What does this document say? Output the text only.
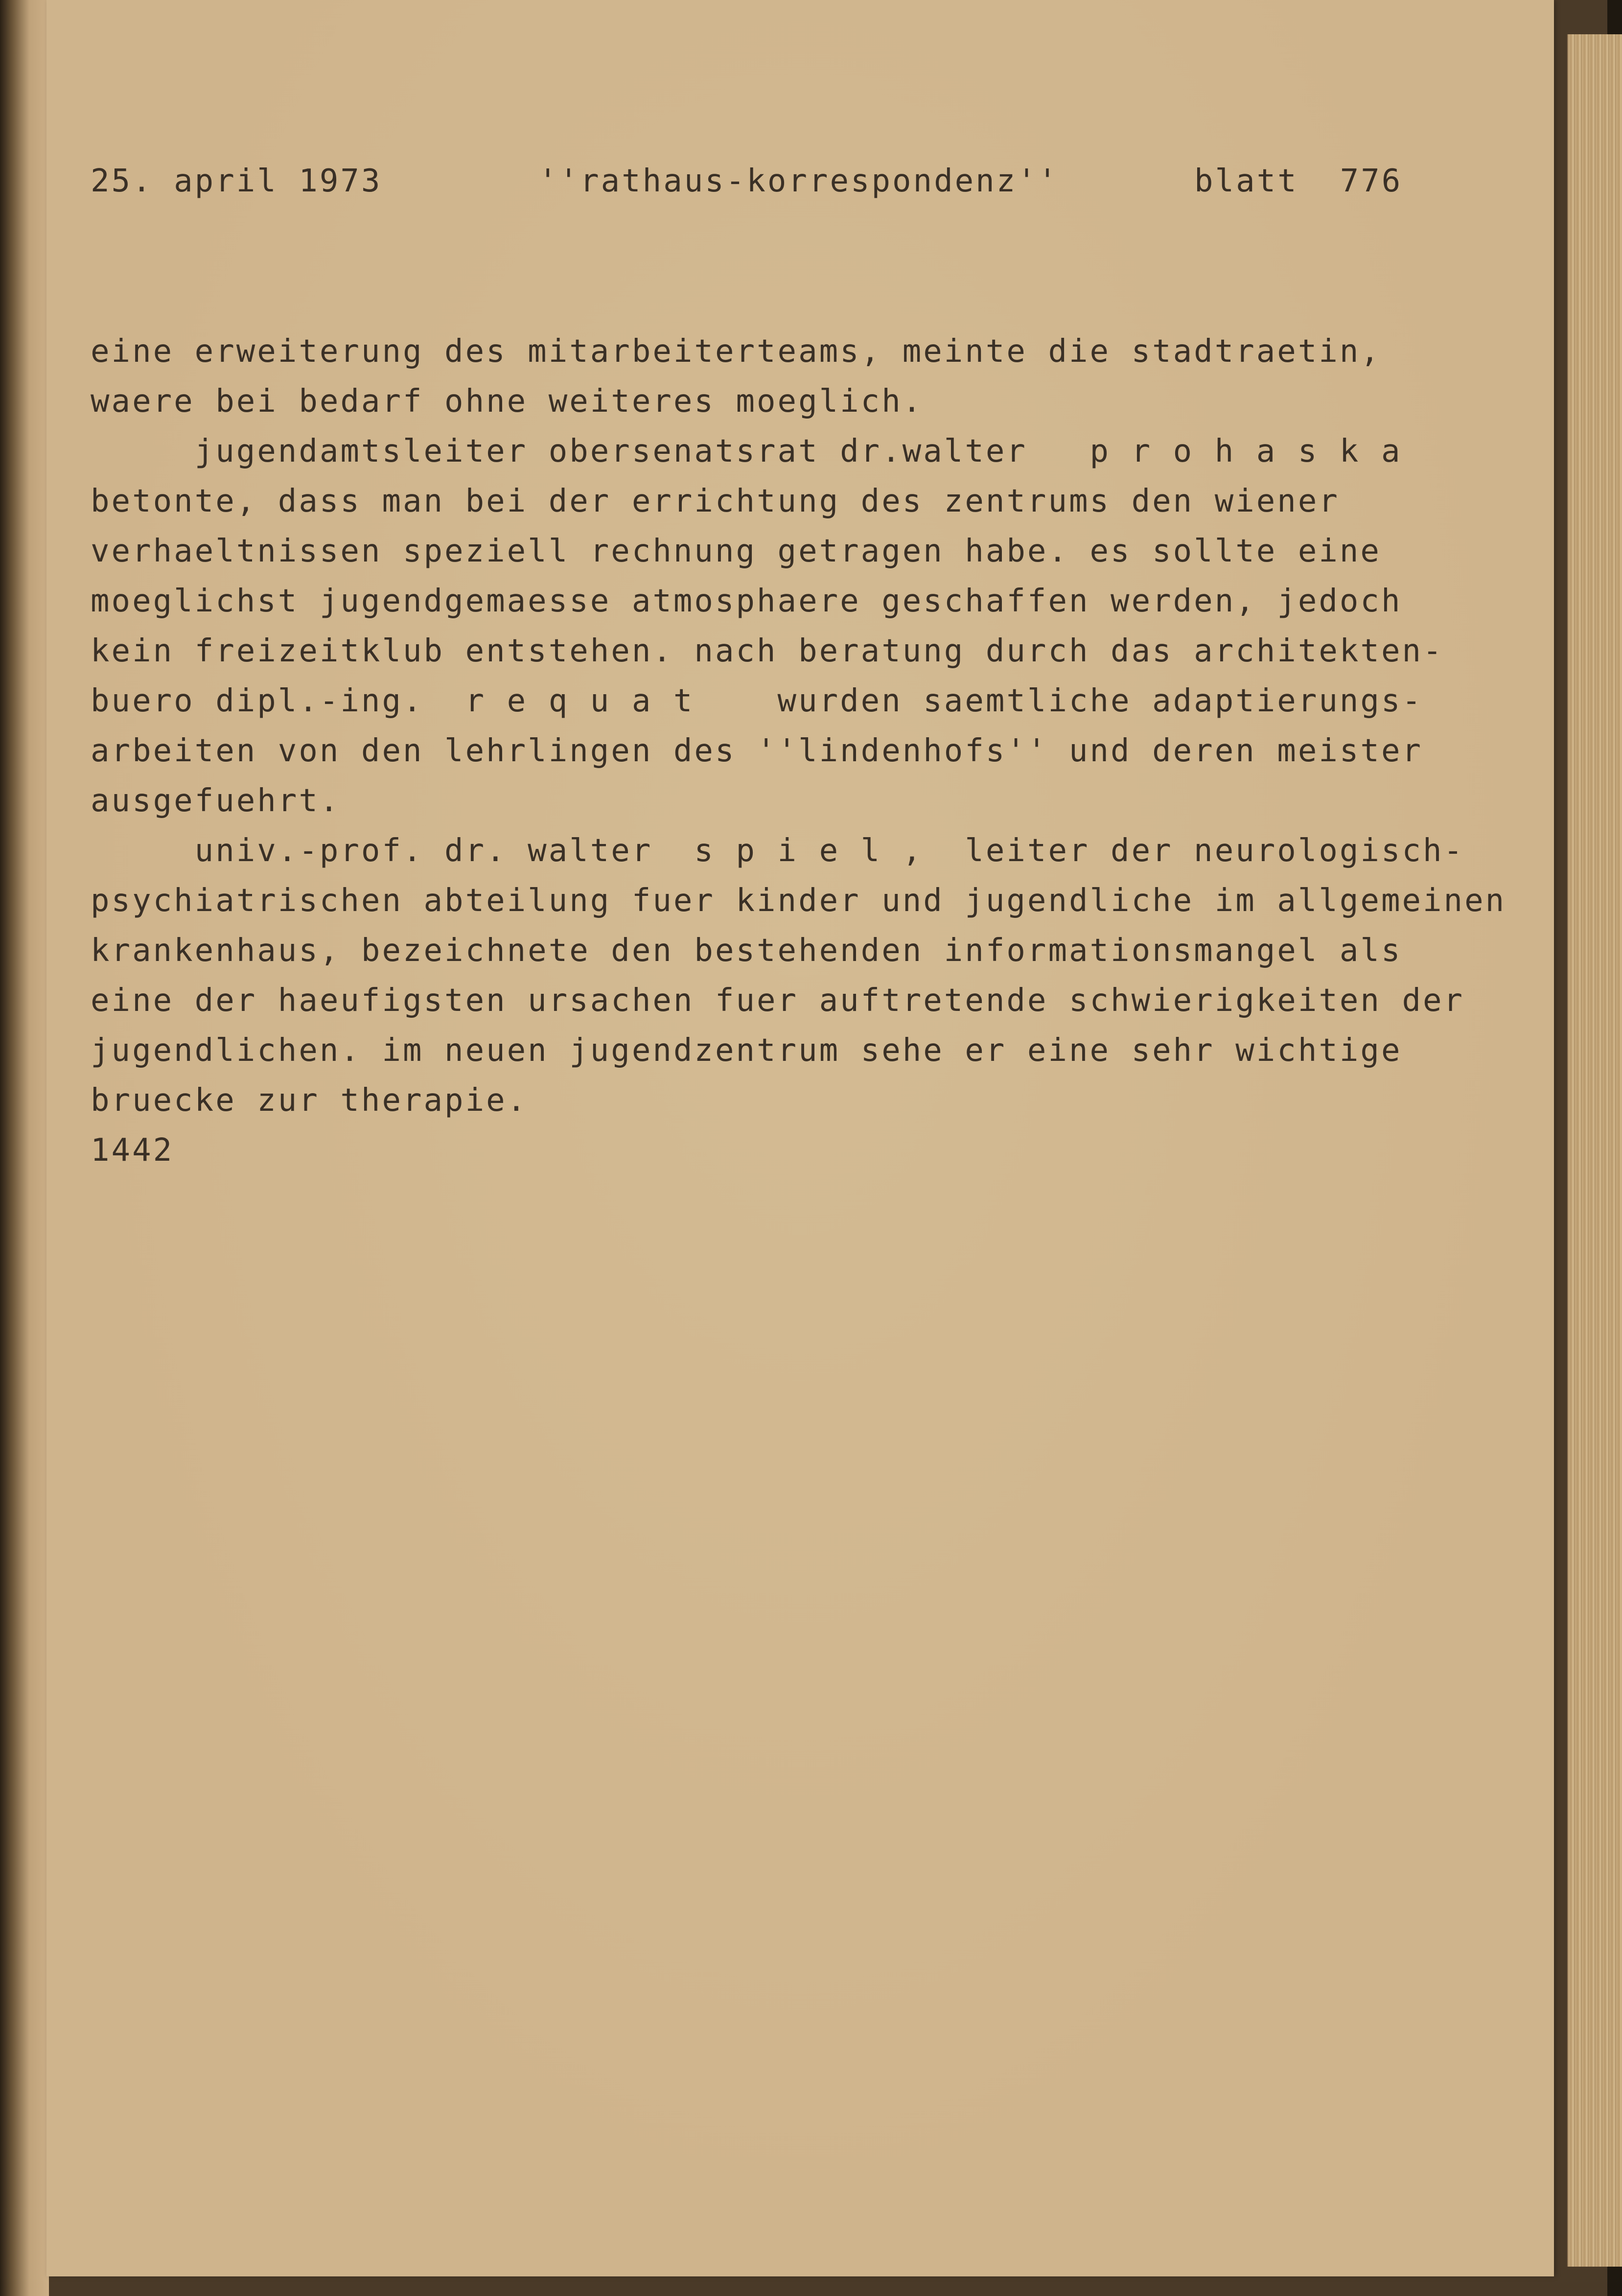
25. april 1973	''rathaus-korrespondenz''	blatt  776

eine erweiterung des mitarbeiterteams, meinte die stadtraetin,

waere bei bedarf ohne weiteres moeglich.

jugendamtsleiter obersenatsrat dr.walter   p r o h a s k a

betonte, dass man bei der errichtung des zentrums den wiener

verhaeltnissen speziell rechnung getragen habe. es sollte eine

moeglichst jugendgemaesse atmosphaere geschaffen werden, jedoch

kein freizeitklub entstehen. nach beratung durch das architekten-

buero dipl.-ing.  r e q u a t    wurden saemtliche adaptierungs-

arbeiten von den lehrlingen des ''lindenhofs'' und deren meister

ausgefuehrt.

univ.-prof. dr. walter  s p i e l ,  leiter der neurologisch-

psychiatrischen abteilung fuer kinder und jugendliche im allgemeinen

krankenhaus, bezeichnete den bestehenden informationsmangel als

eine der haeufigsten ursachen fuer auftretende schwierigkeiten der

jugendlichen. im neuen jugendzentrum sehe er eine sehr wichtige

bruecke zur therapie.

1442
